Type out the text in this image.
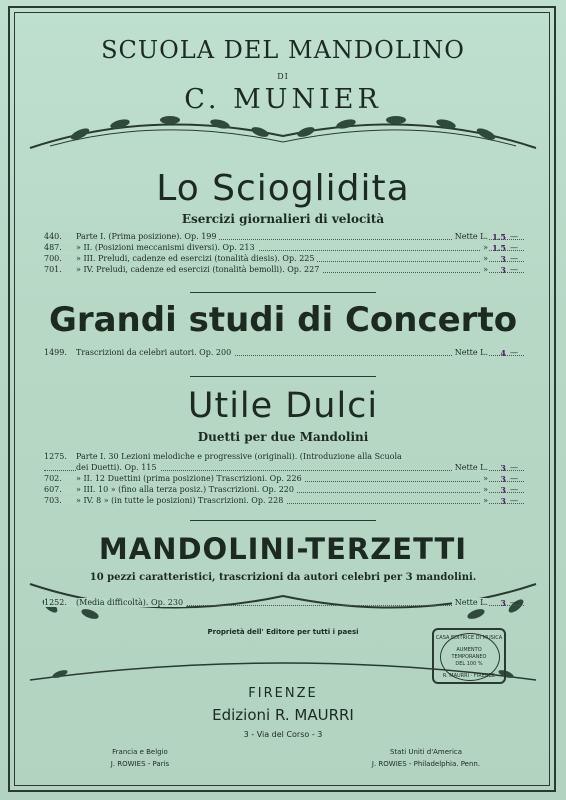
SCUOLA DEL MANDOLINO
DI
C. MUNIER
Lo Scioglidita
Esercizi giornalieri di velocità
440.	Parte I. (Prima posizione). Op. 199	Nette L. 1.5 —
487.	» II. (Posizioni meccanismi diversi). Op. 213	» 1.5 —
700.	» III. Preludi, cadenze ed esercizi (tonalità diesis). Op. 225	» 3 —
701.	» IV. Preludi, cadenze ed esercizi (tonalità bemolli). Op. 227	» 3 —
Grandi studi di Concerto
1499.	Trascrizioni da celebri autori. Op. 200	Nette L. 4 —
Utile Dulci
Duetti per due Mandolini
1275.	Parte I. 30 Lezioni melodiche e progressive (originali). (Introduzione alla Scuola
dei Duetti). Op. 115	Nette L. 3 —
702.	» II. 12 Duettini (prima posizione) Trascrizioni. Op. 226	» 3 —
607.	» III. 10 » (fino alla terza posiz.) Trascrizioni. Op. 220	» 3 —
703.	» IV. 8 » (in tutte le posizioni) Trascrizioni. Op. 228	» 3 —
MANDOLINI-TERZETTI
10 pezzi caratteristici, trascrizioni da autori celebri per 3 mandolini.
1252.	(Media difficoltà). Op. 230	Nette L. 3 —
Proprietà dell' Editore per tutti i paesi
CASA EDITRICE DI MUSICA
AUMENTO
TEMPORANEO
DEL 100 %
R. MAURRI · FIRENZE
FIRENZE
Edizioni R. MAURRI
3 - Via del Corso - 3
Francia e Belgio
J. ROWIES - Paris
Stati Uniti d'America
J. ROWIES - Philadelphia. Penn.
